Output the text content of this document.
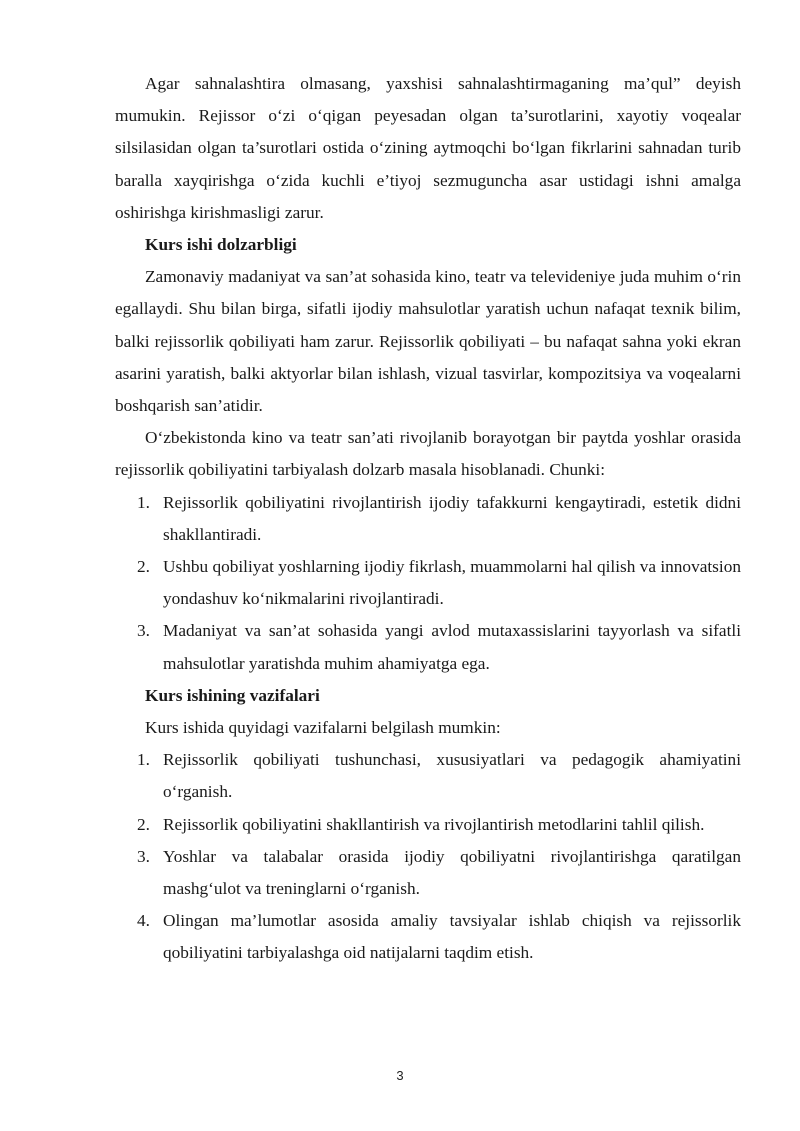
Agar sahnalashtira olmasang, yaxshisi sahnalashtirmaganing ma’qul” deyish mumukin. Rejissor o‘zi o‘qigan peyesadan olgan ta’surotlarini, xayotiy voqealar silsilasidan olgan ta’surotlari ostida o‘zining aytmoqchi bo‘lgan fikrlarini sahnadan turib baralla xayqirishga o‘zida kuchli e’tiyoj sezmuguncha asar ustidagi ishni amalga oshirishga kirishmasligi zarur.

Kurs ishi dolzarbligi

Zamonaviy madaniyat va san’at sohasida kino, teatr va televideniye juda muhim o‘rin egallaydi. Shu bilan birga, sifatli ijodiy mahsulotlar yaratish uchun nafaqat texnik bilim, balki rejissorlik qobiliyati ham zarur. Rejissorlik qobiliyati – bu nafaqat sahna yoki ekran asarini yaratish, balki aktyorlar bilan ishlash, vizual tasvirlar, kompozitsiya va voqealarni boshqarish san’atidir.

O‘zbekistonda kino va teatr san’ati rivojlanib borayotgan bir paytda yoshlar orasida rejissorlik qobiliyatini tarbiyalash dolzarb masala hisoblanadi. Chunki:

1. Rejissorlik qobiliyatini rivojlantirish ijodiy tafakkurni kengaytiradi, estetik didni shakllantiradi.
2. Ushbu qobiliyat yoshlarning ijodiy fikrlash, muammolarni hal qilish va innovatsion yondashuv ko‘nikmalarini rivojlantiradi.
3. Madaniyat va san’at sohasida yangi avlod mutaxassislarini tayyorlash va sifatli mahsulotlar yaratishda muhim ahamiyatga ega.

Kurs ishining vazifalari

Kurs ishida quyidagi vazifalarni belgilash mumkin:

1. Rejissorlik qobiliyati tushunchasi, xususiyatlari va pedagogik ahamiyatini o‘rganish.
2. Rejissorlik qobiliyatini shakllantirish va rivojlantirish metodlarini tahlil qilish.
3. Yoshlar va talabalar orasida ijodiy qobiliyatni rivojlantirishga qaratilgan mashg‘ulot va treninglarni o‘rganish.
4. Olingan ma’lumotlar asosida amaliy tavsiyalar ishlab chiqish va rejissorlik qobiliyatini tarbiyalashga oid natijalarni taqdim etish.
3
